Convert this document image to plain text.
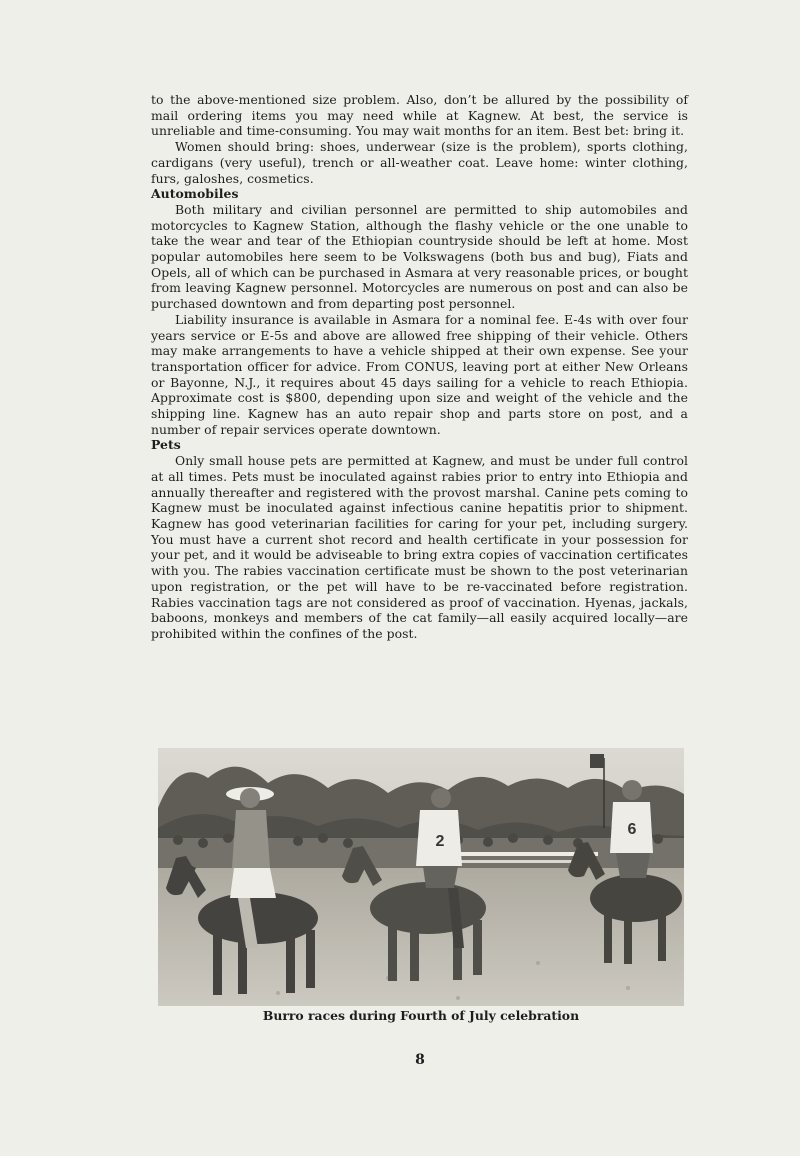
to the above-mentioned size problem. Also, don’t be allured by the possibility of mail ordering items you may need while at Kagnew. At best, the service is unreliable and time-consuming. You may wait months for an item. Best bet: bring it.

Women should bring: shoes, underwear (size is the problem), sports clothing, cardigans (very useful), trench or all-weather coat. Leave home: winter clothing, furs, galoshes, cosmetics.

Automobiles

Both military and civilian personnel are permitted to ship automobiles and motorcycles to Kagnew Station, although the flashy vehicle or the one unable to take the wear and tear of the Ethiopian countryside should be left at home. Most popular automobiles here seem to be Volkswagens (both bus and bug), Fiats and Opels, all of which can be purchased in Asmara at very reasonable prices, or bought from leaving Kagnew personnel. Motorcycles are numerous on post and can also be purchased downtown and from departing post personnel.

Liability insurance is available in Asmara for a nominal fee. E-4s with over four years service or E-5s and above are allowed free shipping of their vehicle. Others may make arrangements to have a vehicle shipped at their own expense. See your transportation officer for advice. From CONUS, leaving port at either New Orleans or Bayonne, N.J., it requires about 45 days sailing for a vehicle to reach Ethiopia. Approximate cost is $800, depending upon size and weight of the vehicle and the shipping line. Kagnew has an auto repair shop and parts store on post, and a number of repair services operate downtown.

Pets

Only small house pets are permitted at Kagnew, and must be under full control at all times. Pets must be inoculated against rabies prior to entry into Ethiopia and annually thereafter and registered with the provost marshal. Canine pets coming to Kagnew must be inoculated against infectious canine hepatitis prior to shipment. Kagnew has good veterinarian facilities for caring for your pet, including surgery. You must have a current shot record and health certificate in your possession for your pet, and it would be adviseable to bring extra copies of vaccination certificates with you. The rabies vaccination certificate must be shown to the post veterinarian upon registration, or the pet will have to be re-vaccinated before registration. Rabies vaccination tags are not considered as proof of vaccination. Hyenas, jackals, baboons, monkeys and members of the cat family—all easily acquired locally—are prohibited within the confines of the post.

2
6
Burro races during Fourth of July celebration
8
